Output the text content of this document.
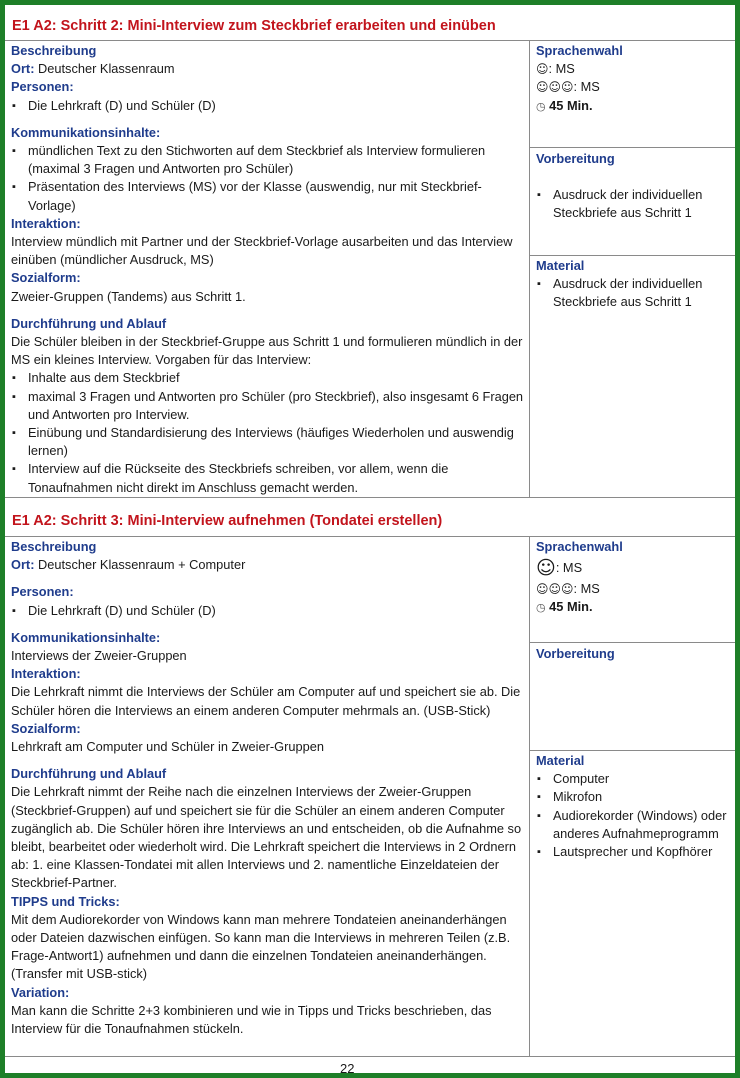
E1 A2: Schritt 2: Mini-Interview zum Steckbrief erarbeiten und einüben
Beschreibung
Ort: Deutscher Klassenraum
Personen:
▪ Die Lehrkraft (D) und Schüler (D)
Kommunikationsinhalte:
▪ mündlichen Text zu den Stichworten auf dem Steckbrief als Interview formulieren (maximal 3 Fragen und Antworten pro Schüler)
▪ Präsentation des Interviews (MS) vor der Klasse (auswendig, nur mit Steckbrief-Vorlage)
Interaktion:
Interview mündlich mit Partner und der Steckbrief-Vorlage ausarbeiten und das Interview einüben (mündlicher Ausdruck, MS)
Sozialform:
Zweier-Gruppen (Tandems) aus Schritt 1.
Durchführung und Ablauf
Die Schüler bleiben in der Steckbrief-Gruppe aus Schritt 1 und formulieren mündlich in der MS ein kleines Interview. Vorgaben für das Interview:
▪ Inhalte aus dem Steckbrief
▪ maximal 3 Fragen und Antworten pro Schüler (pro Steckbrief), also insgesamt 6 Fragen und Antworten pro Interview.
▪ Einübung und Standardisierung des Interviews (häufiges Wiederholen und auswendig lernen)
▪ Interview auf die Rückseite des Steckbriefs schreiben, vor allem, wenn die Tonaufnahmen nicht direkt im Anschluss gemacht werden.
Sprachenwahl
☺: MS
☺☺☺: MS
◷ 45 Min.
Vorbereitung
▪ Ausdruck der individuellen Steckbriefe aus Schritt 1
Material
▪ Ausdruck der individuellen Steckbriefe aus Schritt 1
E1 A2: Schritt 3: Mini-Interview aufnehmen (Tondatei erstellen)
Beschreibung
Ort: Deutscher Klassenraum + Computer
Personen:
▪ Die Lehrkraft (D) und Schüler (D)
Kommunikationsinhalte:
Interviews der Zweier-Gruppen
Interaktion:
Die Lehrkraft nimmt die Interviews der Schüler am Computer auf und speichert sie ab. Die Schüler hören die Interviews an einem anderen Computer mehrmals an. (USB-Stick)
Sozialform:
Lehrkraft am Computer und Schüler in Zweier-Gruppen
Durchführung und Ablauf
Die Lehrkraft nimmt der Reihe nach die einzelnen Interviews der Zweier-Gruppen (Steckbrief-Gruppen) auf und speichert sie für die Schüler an einem anderen Computer zugänglich ab. Die Schüler hören ihre Interviews an und entscheiden, ob die Aufnahme so bleibt, bearbeitet oder wiederholt wird. Die Lehrkraft speichert die Interviews in 2 Ordnern ab: 1. eine Klassen-Tondatei mit allen Interviews und 2. namentliche Einzeldateien der Steckbrief-Partner.
TIPPS und Tricks:
Mit dem Audiorekorder von Windows kann man mehrere Tondateien aneinanderhängen oder Dateien dazwischen einfügen. So kann man die Interviews in mehreren Teilen (z.B. Frage-Antwort1) aufnehmen und dann die einzelnen Tondateien aneinanderhängen. (Transfer mit USB-stick)
Variation:
Man kann die Schritte 2+3 kombinieren und wie in Tipps und Tricks beschrieben, das Interview für die Tonaufnahmen stückeln.
Sprachenwahl
☺: MS
☺☺☺: MS
◷ 45 Min.
Vorbereitung
Material
▪ Computer
▪ Mikrofon
▪ Audiorekorder (Windows) oder anderes Aufnahmeprogramm
▪ Lautsprecher und Kopfhörer
22
